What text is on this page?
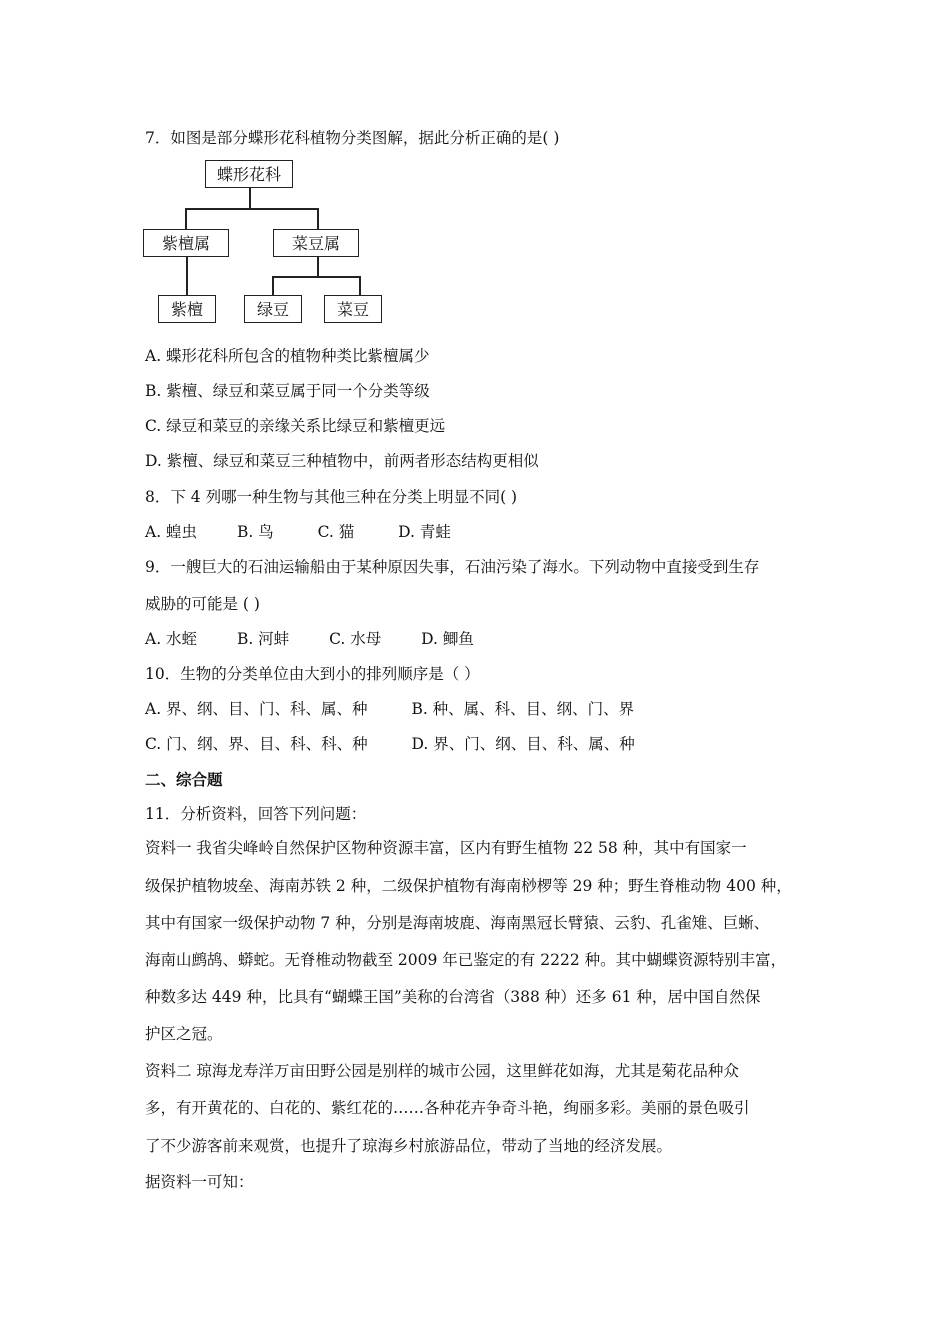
7．如图是部分蝶形花科植物分类图解，据此分析正确的是( )
蝶形花科
紫檀属	菜豆属
紫檀	绿豆	菜豆
A. 蝶形花科所包含的植物种类比紫檀属少
B. 紫檀、绿豆和菜豆属于同一个分类等级
C. 绿豆和菜豆的亲缘关系比绿豆和紫檀更远
D. 紫檀、绿豆和菜豆三种植物中，前两者形态结构更相似
8．下 4 列哪一种生物与其他三种在分类上明显不同( )
A. 蝗虫	B. 鸟	C. 猫	D. 青蛙
9．一艘巨大的石油运输船由于某种原因失事，石油污染了海水。下列动物中直接受到生存
威胁的可能是 ( )
A. 水蛭	B. 河蚌	C. 水母	D. 鲫鱼
10．生物的分类单位由大到小的排列顺序是（ ）
A. 界、纲、目、门、科、属、种	B. 种、属、科、目、纲、门、界
C. 门、纲、界、目、科、科、种	D. 界、门、纲、目、科、属、种
二、综合题
11．分析资料，回答下列问题：
资料一 我省尖峰岭自然保护区物种资源丰富，区内有野生植物 22 58 种，其中有国家一
级保护植物坡垒、海南苏铁 2 种，二级保护植物有海南桫椤等 29 种；野生脊椎动物 400 种，
其中有国家一级保护动物 7 种，分别是海南坡鹿、海南黑冠长臂猿、云豹、孔雀雉、巨蜥、
海南山鹧鸪、蟒蛇。无脊椎动物截至 2009 年已鉴定的有 2222 种。其中蝴蝶资源特别丰富，
种数多达 449 种，比具有“蝴蝶王国”美称的台湾省（388 种）还多 61 种，居中国自然保
护区之冠。
资料二 琼海龙寿洋万亩田野公园是别样的城市公园，这里鲜花如海，尤其是菊花品种众
多，有开黄花的、白花的、紫红花的……各种花卉争奇斗艳，绚丽多彩。美丽的景色吸引
了不少游客前来观赏，也提升了琼海乡村旅游品位，带动了当地的经济发展。
据资料一可知：
